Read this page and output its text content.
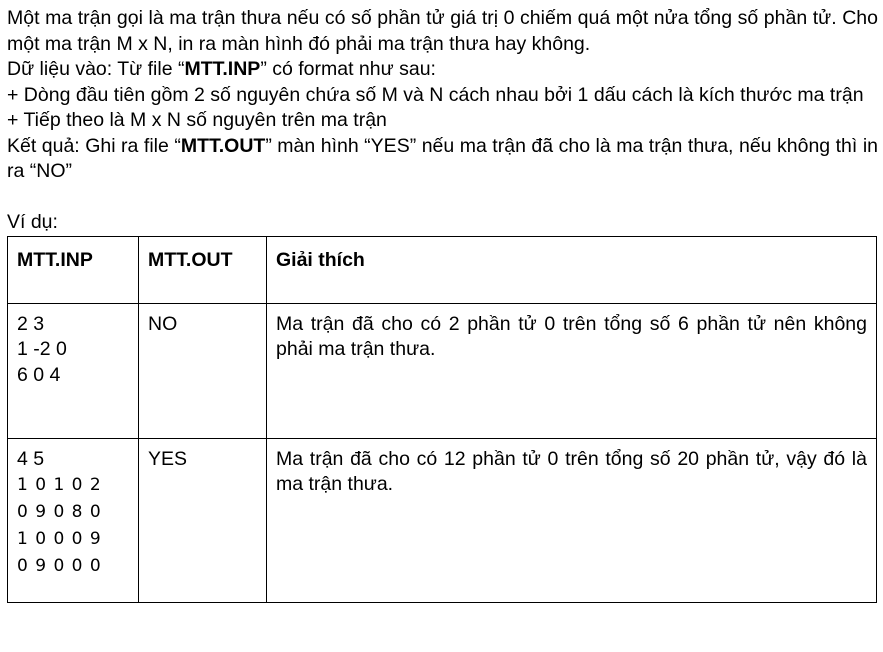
Một ma trận gọi là ma trận thưa nếu có số phần tử giá trị 0 chiếm quá một nửa tổng số phần tử. Cho một ma trận M x N, in ra màn hình đó phải ma trận thưa hay không.

Dữ liệu vào: Từ file “MTT.INP” có format như sau:

+ Dòng đầu tiên gồm 2 số nguyên chứa số M và N cách nhau bởi 1 dấu cách là kích thước ma trận

+ Tiếp theo là M x N số nguyên trên ma trận

Kết quả: Ghi ra file “MTT.OUT” màn hình “YES” nếu ma trận đã cho là ma trận thưa, nếu không thì in ra “NO”

Ví dụ:

MTT.INP	MTT.OUT	Giải thích

2 3
1 -2 0
6 0 4	NO	Ma trận đã cho có 2 phần tử 0 trên tổng số 6 phần tử nên không phải ma trận thưa.

4 5
1 0 1 0 2
0 9 0 8 0
1 0 0 0 9
0 9 0 0 0	YES	Ma trận đã cho có 12 phần tử 0 trên tổng số 20 phần tử, vậy đó là ma trận thưa.
